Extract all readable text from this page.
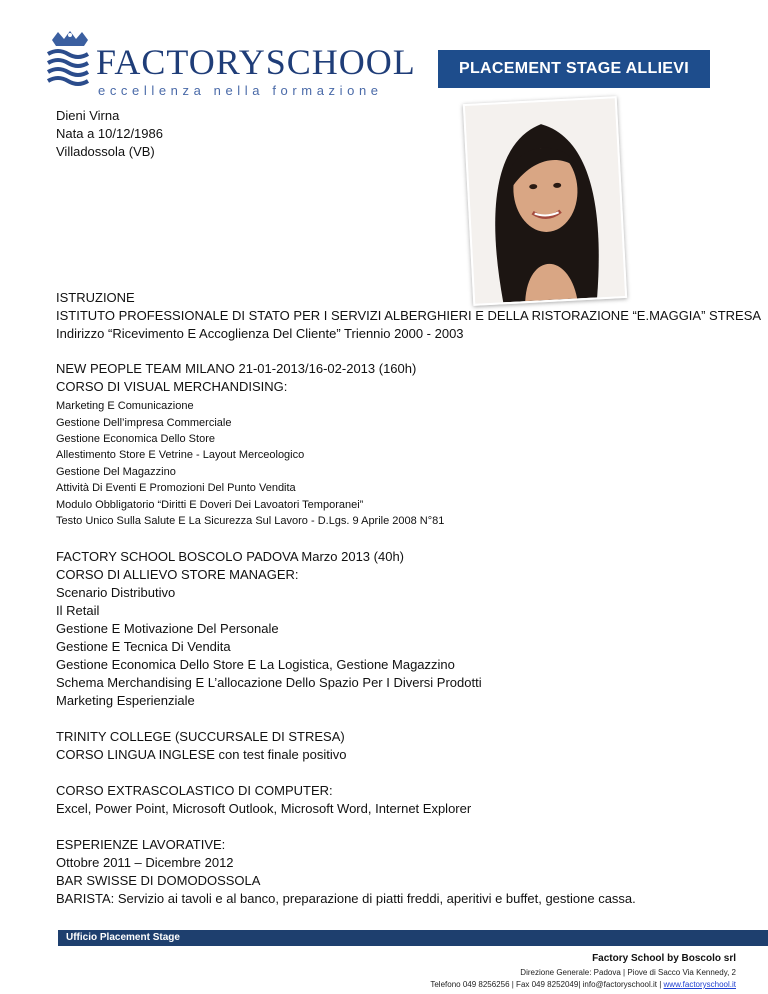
FACTORYSCHOOL
eccellenza nella formazione
PLACEMENT STAGE ALLIEVI
Dieni Virna
Nata a 10/12/1986
Villadossola (VB)
ISTRUZIONE
ISTITUTO PROFESSIONALE DI STATO PER I SERVIZI ALBERGHIERI E DELLA RISTORAZIONE “E.MAGGIA” STRESA
Indirizzo “Ricevimento E Accoglienza Del Cliente” Triennio 2000 - 2003
NEW PEOPLE TEAM MILANO 21-01-2013/16-02-2013 (160h)
CORSO DI VISUAL MERCHANDISING:
Marketing E Comunicazione
Gestione Dell’impresa Commerciale
Gestione Economica Dello Store
Allestimento Store E Vetrine - Layout Merceologico
Gestione Del Magazzino
Attività Di Eventi E Promozioni Del Punto Vendita
Modulo Obbligatorio “Diritti E Doveri Dei Lavoatori Temporanei”
Testo Unico Sulla Salute E La Sicurezza Sul Lavoro - D.Lgs. 9 Aprile 2008 N°81
FACTORY SCHOOL BOSCOLO PADOVA Marzo 2013 (40h)
CORSO DI ALLIEVO STORE MANAGER:
Scenario Distributivo
Il Retail
Gestione E Motivazione Del Personale
Gestione E Tecnica Di Vendita
Gestione Economica Dello Store E La Logistica, Gestione Magazzino
Schema Merchandising E L’allocazione Dello Spazio Per I Diversi Prodotti
Marketing Esperienziale
TRINITY COLLEGE (SUCCURSALE DI STRESA)
CORSO LINGUA INGLESE con test finale positivo
CORSO EXTRASCOLASTICO DI COMPUTER:
Excel, Power Point, Microsoft Outlook, Microsoft Word, Internet Explorer
ESPERIENZE LAVORATIVE:
Ottobre 2011 – Dicembre 2012
BAR SWISSE DI DOMODOSSOLA
BARISTA: Servizio ai tavoli e al banco, preparazione di piatti freddi, aperitivi e buffet, gestione cassa.
Ufficio Placement Stage
Factory School by Boscolo srl
Direzione Generale: Padova | Piove di Sacco Via Kennedy, 2
Telefono 049 8256256 | Fax 049 8252049| info@factoryschool.it | www.factoryschool.it
